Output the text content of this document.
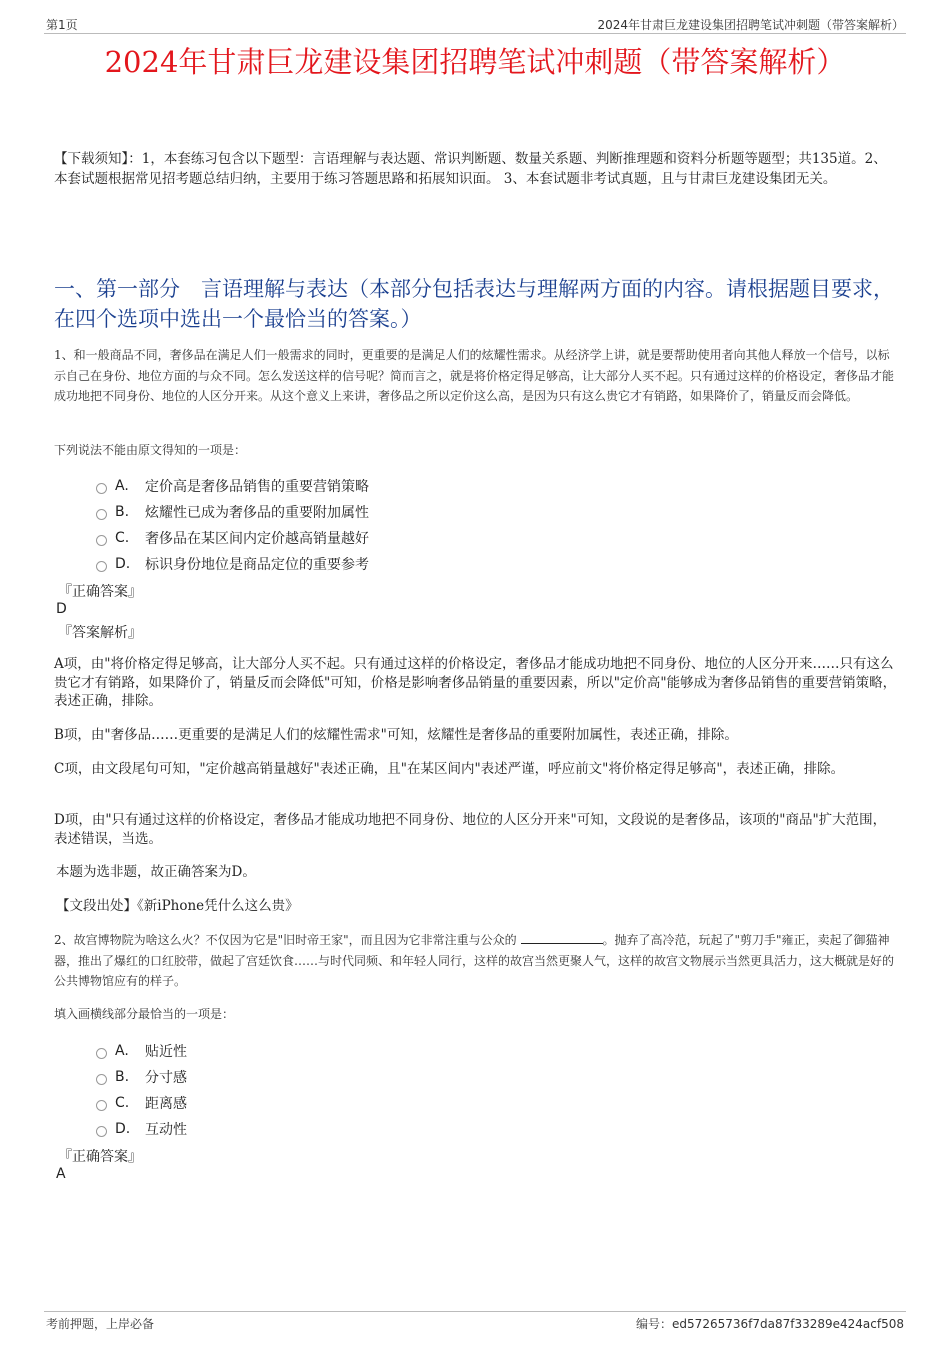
第1页	2024年甘肃巨龙建设集团招聘笔试冲刺题（带答案解析）
2024年甘肃巨龙建设集团招聘笔试冲刺题（带答案解析）
【下载须知】：1，本套练习包含以下题型：言语理解与表达题、常识判断题、数量关系题、判断推理题和资料分析题等题型；共135道。2、本套试题根据常见招考题总结归纳，主要用于练习答题思路和拓展知识面。 3、本套试题非考试真题，且与甘肃巨龙建设集团无关。
一、第一部分　言语理解与表达（本部分包括表达与理解两方面的内容。请根据题目要求，在四个选项中选出一个最恰当的答案。）
1、和一般商品不同，奢侈品在满足人们一般需求的同时，更重要的是满足人们的炫耀性需求。从经济学上讲，就是要帮助使用者向其他人释放一个信号，以标示自己在身份、地位方面的与众不同。怎么发送这样的信号呢？简而言之，就是将价格定得足够高，让大部分人买不起。只有通过这样的价格设定，奢侈品才能成功地把不同身份、地位的人区分开来。从这个意义上来讲，奢侈品之所以定价这么高，是因为只有这么贵它才有销路，如果降价了，销量反而会降低。
下列说法不能由原文得知的一项是：
A.	定价高是奢侈品销售的重要营销策略
B.	炫耀性已成为奢侈品的重要附加属性
C.	奢侈品在某区间内定价越高销量越好
D.	标识身份地位是商品定位的重要参考
『正确答案』
D
『答案解析』
A项，由"将价格定得足够高，让大部分人买不起。只有通过这样的价格设定，奢侈品才能成功地把不同身份、地位的人区分开来……只有这么贵它才有销路，如果降价了，销量反而会降低"可知，价格是影响奢侈品销量的重要因素，所以"定价高"能够成为奢侈品销售的重要营销策略，表述正确，排除。
B项，由"奢侈品……更重要的是满足人们的炫耀性需求"可知，炫耀性是奢侈品的重要附加属性，表述正确，排除。
C项，由文段尾句可知，"定价越高销量越好"表述正确，且"在某区间内"表述严谨，呼应前文"将价格定得足够高"，表述正确，排除。
D项，由"只有通过这样的价格设定，奢侈品才能成功地把不同身份、地位的人区分开来"可知，文段说的是奢侈品，该项的"商品"扩大范围，表述错误，当选。
本题为选非题，故正确答案为D。
【文段出处】《新iPhone凭什么这么贵》
2、故宫博物院为啥这么火？不仅因为它是"旧时帝王家"，而且因为它非常注重与公众的	。抛弃了高冷范，玩起了"剪刀手"雍正，卖起了御猫神器，推出了爆红的口红胶带，做起了宫廷饮食……与时代同频、和年轻人同行，这样的故宫当然更聚人气，这样的故宫文物展示当然更具活力，这大概就是好的公共博物馆应有的样子。
填入画横线部分最恰当的一项是：
A.	贴近性
B.	分寸感
C.	距离感
D.	互动性
『正确答案』
A
考前押题，上岸必备	编号：ed57265736f7da87f33289e424acf508
